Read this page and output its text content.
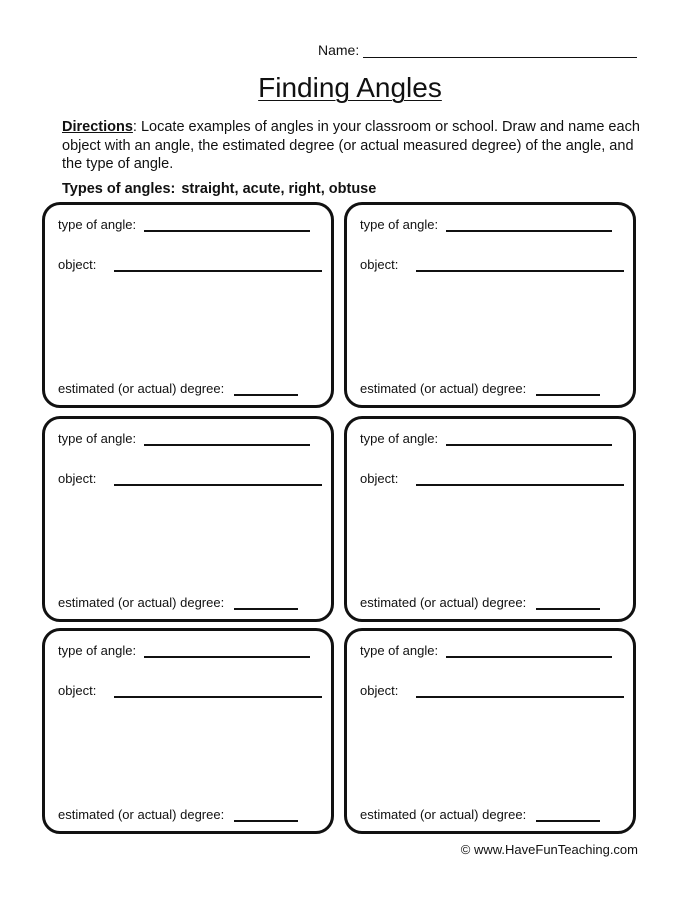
Name:
Finding Angles
Directions: Locate examples of angles in your classroom or school. Draw and name each object with an angle, the estimated degree (or actual measured degree) of the angle, and the type of angle.
Types of angles: straight, acute, right, obtuse
type of angle:
object:
estimated (or actual) degree:
type of angle:
object:
estimated (or actual) degree:
type of angle:
object:
estimated (or actual) degree:
type of angle:
object:
estimated (or actual) degree:
type of angle:
object:
estimated (or actual) degree:
type of angle:
object:
estimated (or actual) degree:
© www.HaveFunTeaching.com
